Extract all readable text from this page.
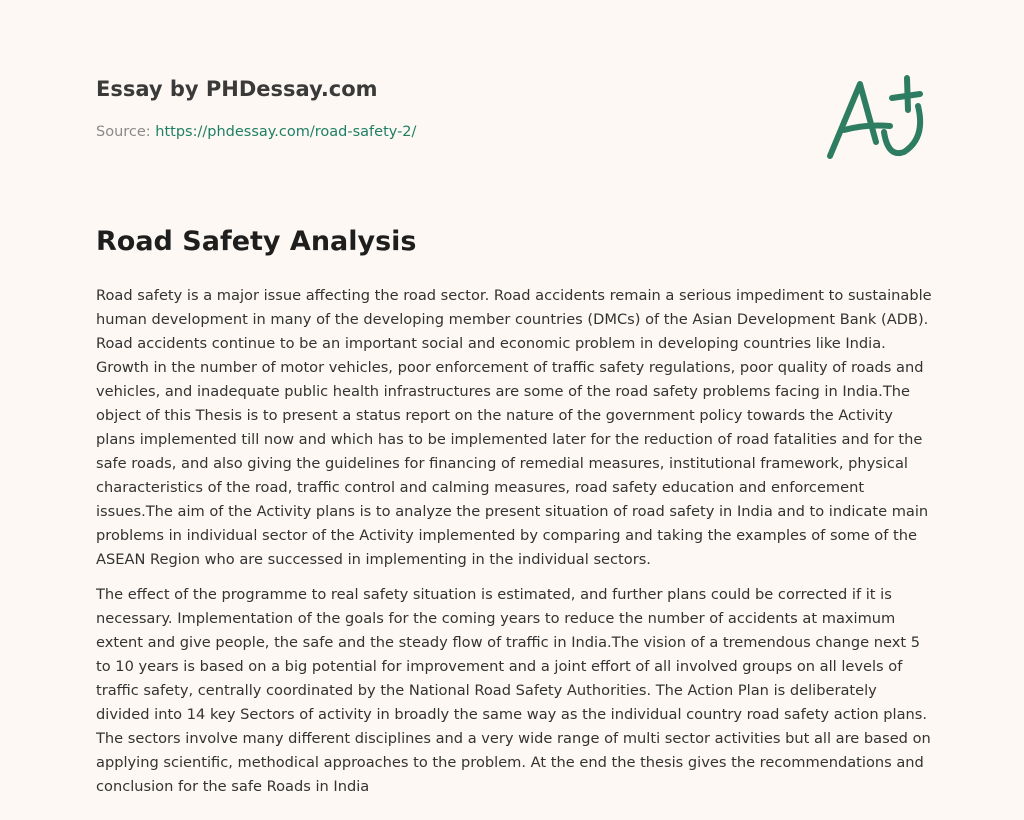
Essay by PHDessay.com
Source: https://phdessay.com/road-safety-2/
Road Safety Analysis

Road safety is a major issue affecting the road sector. Road accidents remain a serious impediment to sustainable human development in many of the developing member countries (DMCs) of the Asian Development Bank (ADB). Road accidents continue to be an important social and economic problem in developing countries like India. Growth in the number of motor vehicles, poor enforcement of traffic safety regulations, poor quality of roads and vehicles, and inadequate public health infrastructures are some of the road safety problems facing in India.The object of this Thesis is to present a status report on the nature of the government policy towards the Activity plans implemented till now and which has to be implemented later for the reduction of road fatalities and for the safe roads, and also giving the guidelines for financing of remedial measures, institutional framework, physical characteristics of the road, traffic control and calming measures, road safety education and enforcement issues.The aim of the Activity plans is to analyze the present situation of road safety in India and to indicate main problems in individual sector of the Activity implemented by comparing and taking the examples of some of the ASEAN Region who are successed in implementing in the individual sectors.

The effect of the programme to real safety situation is estimated, and further plans could be corrected if it is necessary. Implementation of the goals for the coming years to reduce the number of accidents at maximum extent and give people, the safe and the steady flow of traffic in India.The vision of a tremendous change next 5 to 10 years is based on a big potential for improvement and a joint effort of all involved groups on all levels of traffic safety, centrally coordinated by the National Road Safety Authorities. The Action Plan is deliberately divided into 14 key Sectors of activity in broadly the same way as the individual country road safety action plans. The sectors involve many different disciplines and a very wide range of multi sector activities but all are based on applying scientific, methodical approaches to the problem. At the end the thesis gives the recommendations and conclusion for the safe Roads in India
